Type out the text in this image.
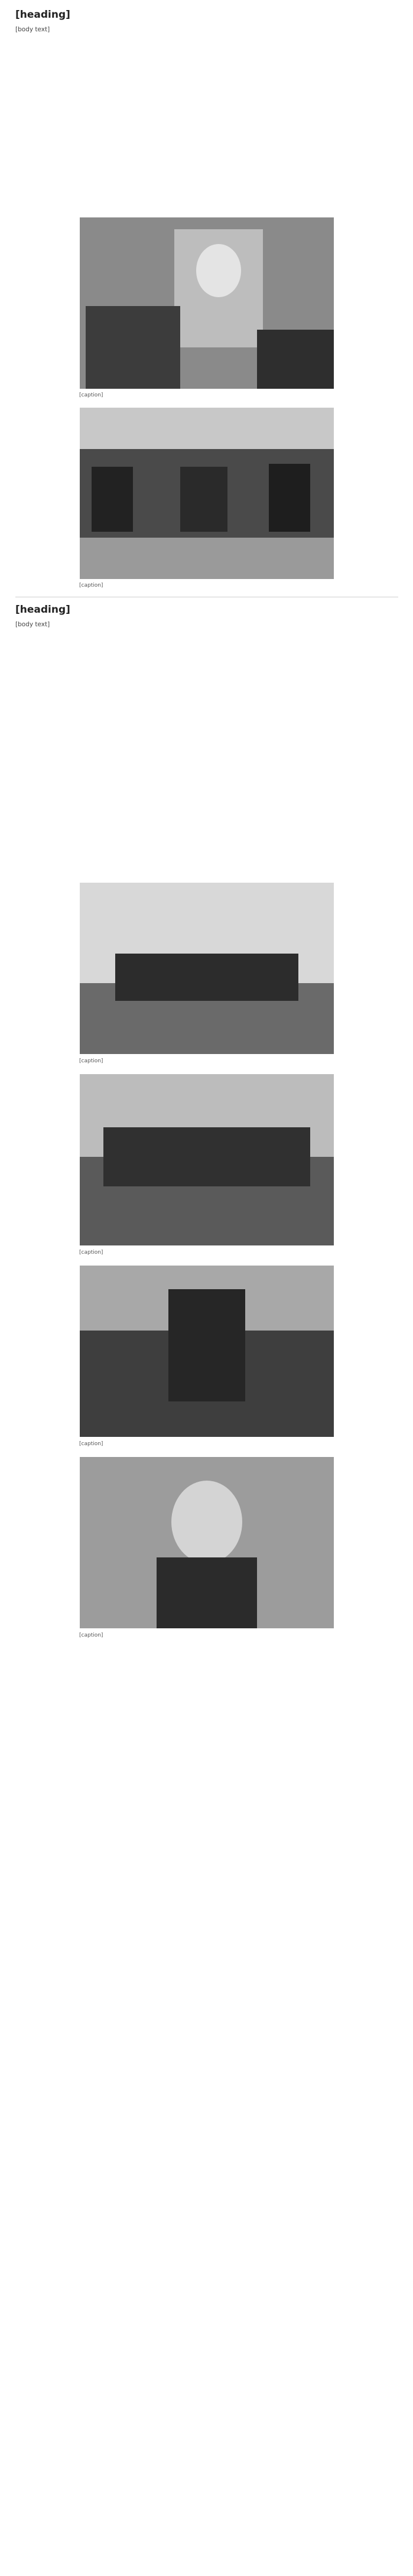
[heading]

[body text]

[caption]
[caption]
[heading]

[body text]

[caption]
[caption]
[caption]
[caption]
